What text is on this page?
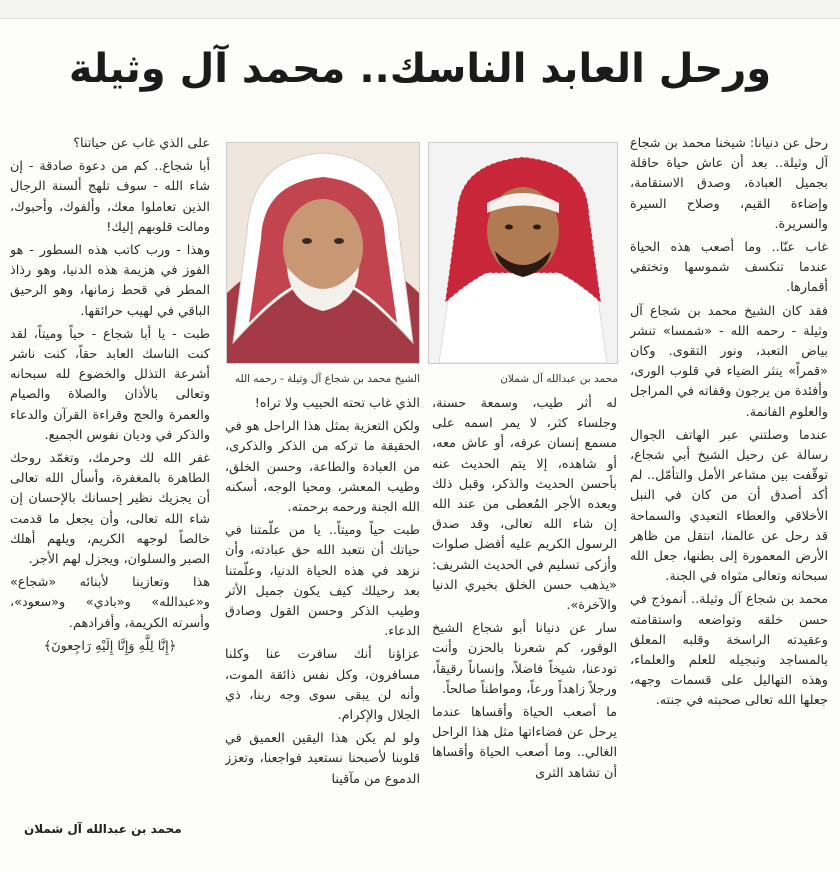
ورحل العابد الناسك.. محمد آل وثيلة

رحل عن دنيانا: شيخنا محمد بن شجاع آل وثيلة.. بعد أن عاش حياة حافلة بجميل العبادة، وصدق الاستقامة، وإضاءة القيم، وصلاح السيرة والسريرة.

غاب عنّا.. وما أصعب هذه الحياة عندما تنكسف شموسها وتختفي أقمارها.

فقد كان الشيخ محمد بن شجاع آل وثيلة - رحمه الله - «شمسا» تنشر بياض التعبد، ونور التقوى. وكان «قمراً» ينثر الضياء في قلوب الورى، وأفئدة من يرجون وقفاته في المراجل والعلوم الفانمة.

عندما وصلتني عبر الهاتف الجوال رسالة عن رحيل الشيخ أبي شجاع، توقّفت بين مشاعر الأمل والتأمّل.. لم أكد أصدق أن من كان في النبل الأخلاقي والعطاء التعبدي والسماحة قد رحل عن عالمنا، انتقل من ظاهر الأرض المعمورة إلى بطنها، جعل الله سبحانه وتعالى مثواه في الجنة.

محمد بن شجاع آل وثيلة.. أنموذج في حسن خلقه وتواضعه واستقامته وعقيدته الراسخة وقلبه المعلق بالمساجد وتبجيله للعلم والعلماء، وهذه التهاليل على قسمات وجهه، جعلها الله تعالى صحبته في جنته.

محمد بن عبدالله آل شملان
الشيخ محمد بن شجاع آل وثيلة - رحمه الله

له أثر طيب، وسمعة حسنة، وجلساء كثر، لا يمر اسمه على مسمع إنسان عرفه، أو عاش معه، أو شاهده، إلا يتم الحديث عنه بأحسن الحديث والذكر، وقبل ذلك وبعده الأجر المُعطى من عند الله إن شاء الله تعالى، وقد صدق الرسول الكريم عليه أفضل صلوات وأزكى تسليم في الحديث الشريف: «يذهب حسن الخلق بخيري الدنيا والآخرة».

سار عن دنيانا أبو شجاع الشيخ الوقور، كم شعرنا بالحزن وأنت تودعنا، شيخاً فاضلاً، وإنساناً رقيقاً، ورجلاً زاهداً ورعاً، ومواطناً صالحاً.

ما أصعب الحياة وأقساها عندما يرحل عن فضاءاتها مثل هذا الراحل الغالي.. وما أصعب الحياة وأقساها أن تشاهد الثرى

الذي غاب تحته الحبيب ولا تراه!

ولكن التعزية بمثل هذا الراحل هو في الحقيقة ما تركه من الذكر والذكرى، من العبادة والطاعة، وحسن الخلق، وطيب المعشر، ومحيا الوجه، أسكنه الله الجنة ورحمه برحمته.

طبت حياً وميتاً.. يا من علّمتنا في حياتك أن نتعبد الله حق عبادته، وأن نزهد في هذه الحياة الدنيا، وعلّمتنا بعد رحيلك كيف يكون جميل الأثر وطيب الذكر وحسن القول وصادق الدعاء.

عزاؤنا أنك سافرت عنا وكلنا مسافرون، وكل نفس ذائقة الموت، وأنه لن يبقى سوى وجه ربنا، ذي الجلال والإكرام.

ولو لم يكن هذا اليقين العميق في قلوبنا لأصبحنا نستعيد فواجعنا، وتعزز الدموع من مآقينا

على الذي غاب عن حياتنا؟

أبا شجاع.. كم من دعوة صادقة - إن شاء الله - سوف تلهج ألسنة الرجال الذين تعاملوا معك، وألفوك، وأحبوك، ومالت قلوبهم إليك!

وهذا - ورب كاتب هذه السطور - هو الفوز في هزيمة هذه الدنيا، وهو رذاذ المطر في قحط زمانها، وهو الرحيق الباقي في لهيب حرائقها.

طبت - يا أبا شجاع - حياً وميتاً، لقد كنت الناسك العابد حقاً، كنت ناشر أشرعة التذلل والخضوع لله سبحانه وتعالى بالأذان والصلاة والصيام والعمرة والحج وقراءة القرآن والدعاء والذكر في وديان نفوس الجميع.

غفر الله لك وحرمك، وتغمّد روحك الطاهرة بالمغفرة، وأسأل الله تعالى أن يجزيك نظير إحسانك بالإحسان إن شاء الله تعالى، وأن يجعل ما قدمت خالصاً لوجهه الكريم، ويلهم أهلك الصبر والسلوان، ويجزل لهم الأجر.

هذا وتعازينا لأبنائه «شجاع» و«عبدالله» و«بادي» و«سعود»، وأسرته الكريمة، وأفرادهم.

﴿إِنَّا لِلَّهِ وَإِنَّا إِلَيْهِ رَاجِعونَ﴾

محمد بن عبدالله آل شملان
